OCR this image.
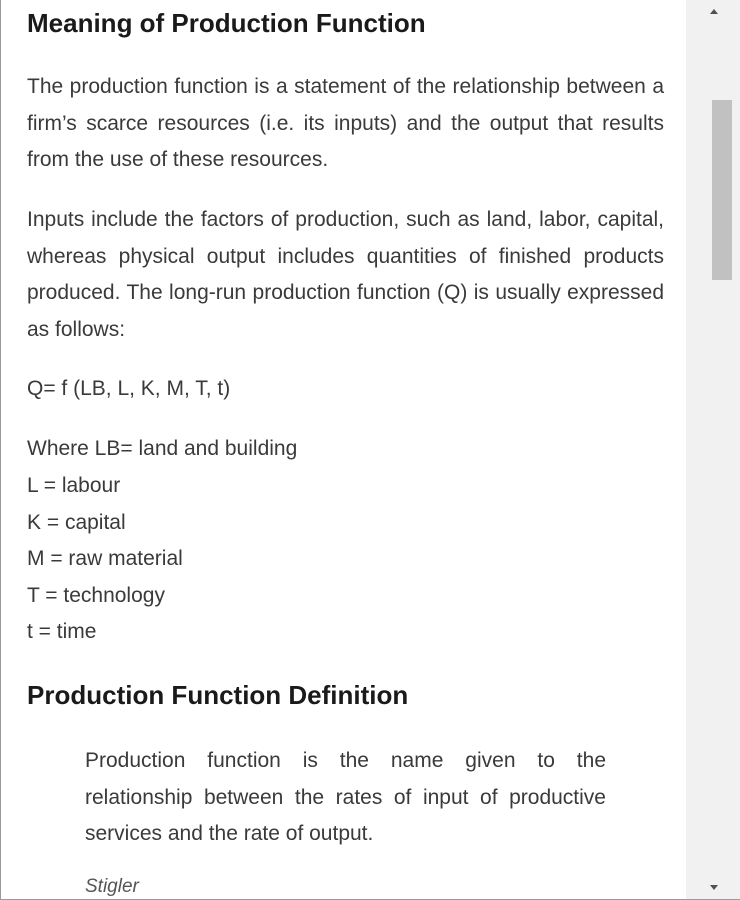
Meaning of Production Function

The production function is a statement of the relationship between a firm’s scarce resources (i.e. its inputs) and the output that results from the use of these resources.

Inputs include the factors of production, such as land, labor, capital, whereas physical output includes quantities of finished products produced. The long-run production function (Q) is usually expressed as follows:

Q= f (LB, L, K, M, T, t)
Where LB= land and building
L = labour
K = capital
M = raw material
T = technology
t = time
Production Function Definition

Production function is the name given to the relationship between the rates of input of productive services and the rate of output.

Stigler
